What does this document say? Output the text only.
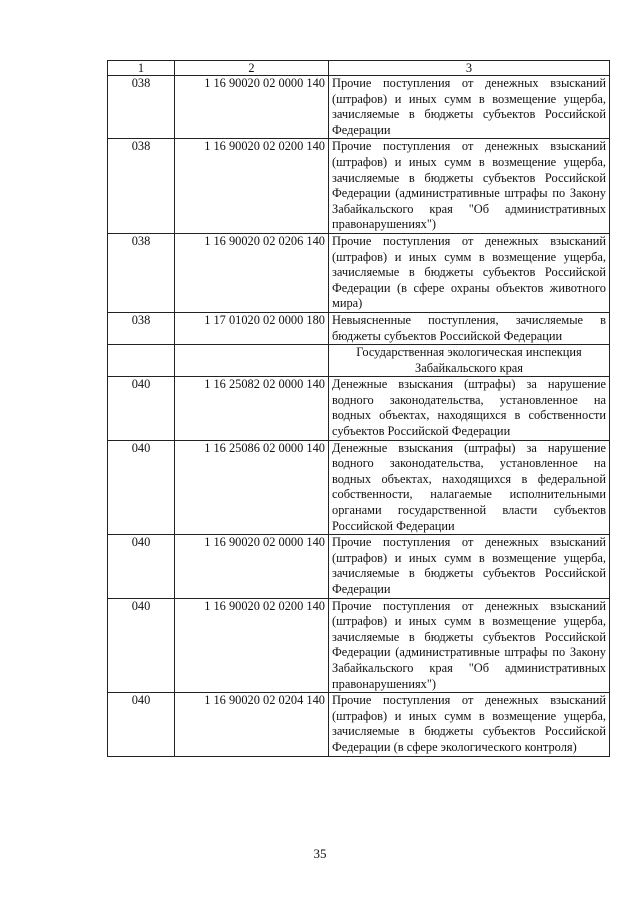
1	2	3
038	1 16 90020 02 0000 140	Прочие поступления от денежных взысканий (штрафов) и иных сумм в возмещение ущерба, зачисляемые в бюджеты субъектов Российской Федерации
038	1 16 90020 02 0200 140	Прочие поступления от денежных взысканий (штрафов) и иных сумм в возмещение ущерба, зачисляемые в бюджеты субъектов Российской Федерации (административные штрафы по Закону Забайкальского края "Об административных правонарушениях")
038	1 16 90020 02 0206 140	Прочие поступления от денежных взысканий (штрафов) и иных сумм в возмещение ущерба, зачисляемые в бюджеты субъектов Российской Федерации (в сфере охраны объектов животного мира)
038	1 17 01020 02 0000 180	Невыясненные поступления, зачисляемые в бюджеты субъектов Российской Федерации
		Государственная экологическая инспекция Забайкальского края
040	1 16 25082 02 0000 140	Денежные взыскания (штрафы) за нарушение водного законодательства, установленное на водных объектах, находящихся в собственности субъектов Российской Федерации
040	1 16 25086 02 0000 140	Денежные взыскания (штрафы) за нарушение водного законодательства, установленное на водных объектах, находящихся в федеральной собственности, налагаемые исполнительными органами государственной власти субъектов Российской Федерации
040	1 16 90020 02 0000 140	Прочие поступления от денежных взысканий (штрафов) и иных сумм в возмещение ущерба, зачисляемые в бюджеты субъектов Российской Федерации
040	1 16 90020 02 0200 140	Прочие поступления от денежных взысканий (штрафов) и иных сумм в возмещение ущерба, зачисляемые в бюджеты субъектов Российской Федерации (административные штрафы по Закону Забайкальского края "Об административных правонарушениях")
040	1 16 90020 02 0204 140	Прочие поступления от денежных взысканий (штрафов) и иных сумм в возмещение ущерба, зачисляемые в бюджеты субъектов Российской Федерации (в сфере экологического контроля)
35
